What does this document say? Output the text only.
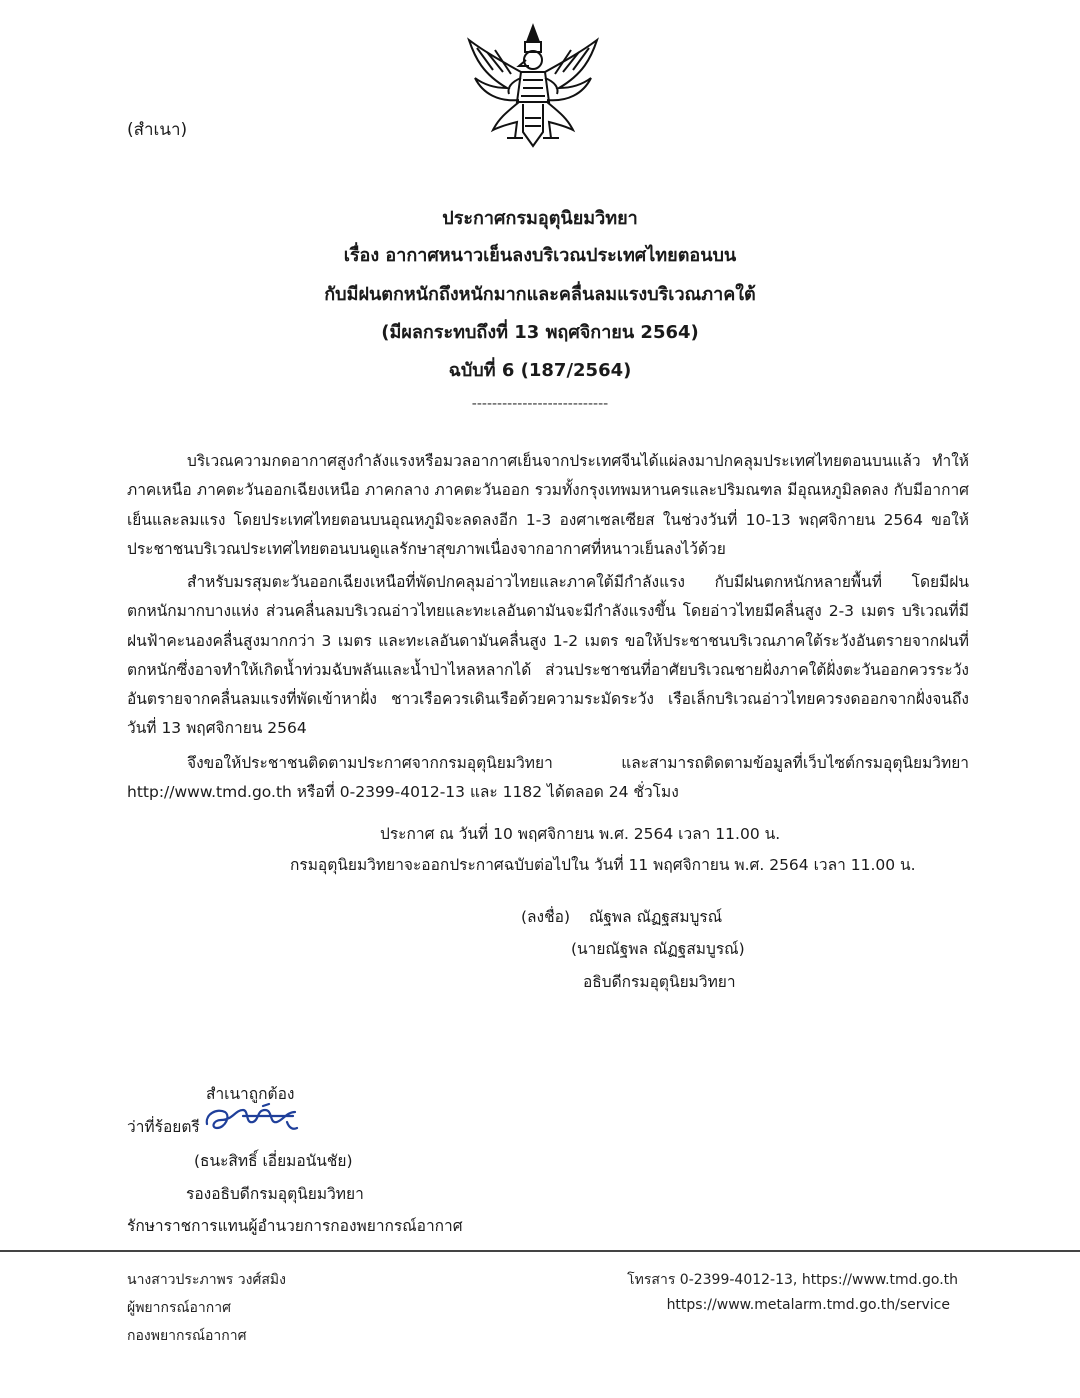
(สำเนา)
ประกาศกรมอุตุนิยมวิทยา
เรื่อง อากาศหนาวเย็นลงบริเวณประเทศไทยตอนบน
กับมีฝนตกหนักถึงหนักมากและคลื่นลมแรงบริเวณภาคใต้
(มีผลกระทบถึงที่ 13 พฤศจิกายน 2564)
ฉบับที่ 6 (187/2564)
---------------------------
บริเวณความกดอากาศสูงกำลังแรงหรือมวลอากาศเย็นจากประเทศจีนได้แผ่ลงมาปกคลุมประเทศไทยตอนบนแล้ว ทำให้ภาคเหนือ ภาคตะวันออกเฉียงเหนือ ภาคกลาง ภาคตะวันออก รวมทั้งกรุงเทพมหานครและปริมณฑล มีอุณหภูมิลดลง กับมีอากาศเย็นและลมแรง โดยประเทศไทยตอนบนอุณหภูมิจะลดลงอีก 1-3 องศาเซลเซียส ในช่วงวันที่ 10-13 พฤศจิกายน 2564 ขอให้ประชาชนบริเวณประเทศไทยตอนบนดูแลรักษาสุขภาพเนื่องจากอากาศที่หนาวเย็นลงไว้ด้วย
สำหรับมรสุมตะวันออกเฉียงเหนือที่พัดปกคลุมอ่าวไทยและภาคใต้มีกำลังแรง กับมีฝนตกหนักหลายพื้นที่ โดยมีฝนตกหนักมากบางแห่ง ส่วนคลื่นลมบริเวณอ่าวไทยและทะเลอันดามันจะมีกำลังแรงขึ้น โดยอ่าวไทยมีคลื่นสูง 2-3 เมตร บริเวณที่มีฝนฟ้าคะนองคลื่นสูงมากกว่า 3 เมตร และทะเลอันดามันคลื่นสูง 1-2 เมตร ขอให้ประชาชนบริเวณภาคใต้ระวังอันตรายจากฝนที่ตกหนักซึ่งอาจทำให้เกิดน้ำท่วมฉับพลันและน้ำป่าไหลหลากได้ ส่วนประชาชนที่อาศัยบริเวณชายฝั่งภาคใต้ฝั่งตะวันออกควรระวังอันตรายจากคลื่นลมแรงที่พัดเข้าหาฝั่ง ชาวเรือควรเดินเรือด้วยความระมัดระวัง เรือเล็กบริเวณอ่าวไทยควรงดออกจากฝั่งจนถึงวันที่ 13 พฤศจิกายน 2564
จึงขอให้ประชาชนติดตามประกาศจากกรมอุตุนิยมวิทยา และสามารถติดตามข้อมูลที่เว็บไซต์กรมอุตุนิยมวิทยา http://www.tmd.go.th หรือที่ 0-2399-4012-13 และ 1182 ได้ตลอด 24 ชั่วโมง
ประกาศ ณ วันที่ 10 พฤศจิกายน พ.ศ. 2564 เวลา 11.00 น.
กรมอุตุนิยมวิทยาจะออกประกาศฉบับต่อไปใน วันที่ 11 พฤศจิกายน พ.ศ. 2564 เวลา 11.00 น.
(ลงชื่อ) ณัฐพล ณัฏฐสมบูรณ์
(นายณัฐพล ณัฏฐสมบูรณ์)
อธิบดีกรมอุตุนิยมวิทยา
สำเนาถูกต้อง
ว่าที่ร้อยตรี
(ธนะสิทธิ์ เอี่ยมอนันชัย)
รองอธิบดีกรมอุตุนิยมวิทยา
รักษาราชการแทนผู้อำนวยการกองพยากรณ์อากาศ
นางสาวประภาพร วงศ์สมิง
ผู้พยากรณ์อากาศ
กองพยากรณ์อากาศ
โทรสาร 0-2399-4012-13, https://www.tmd.go.th
https://www.metalarm.tmd.go.th/service
